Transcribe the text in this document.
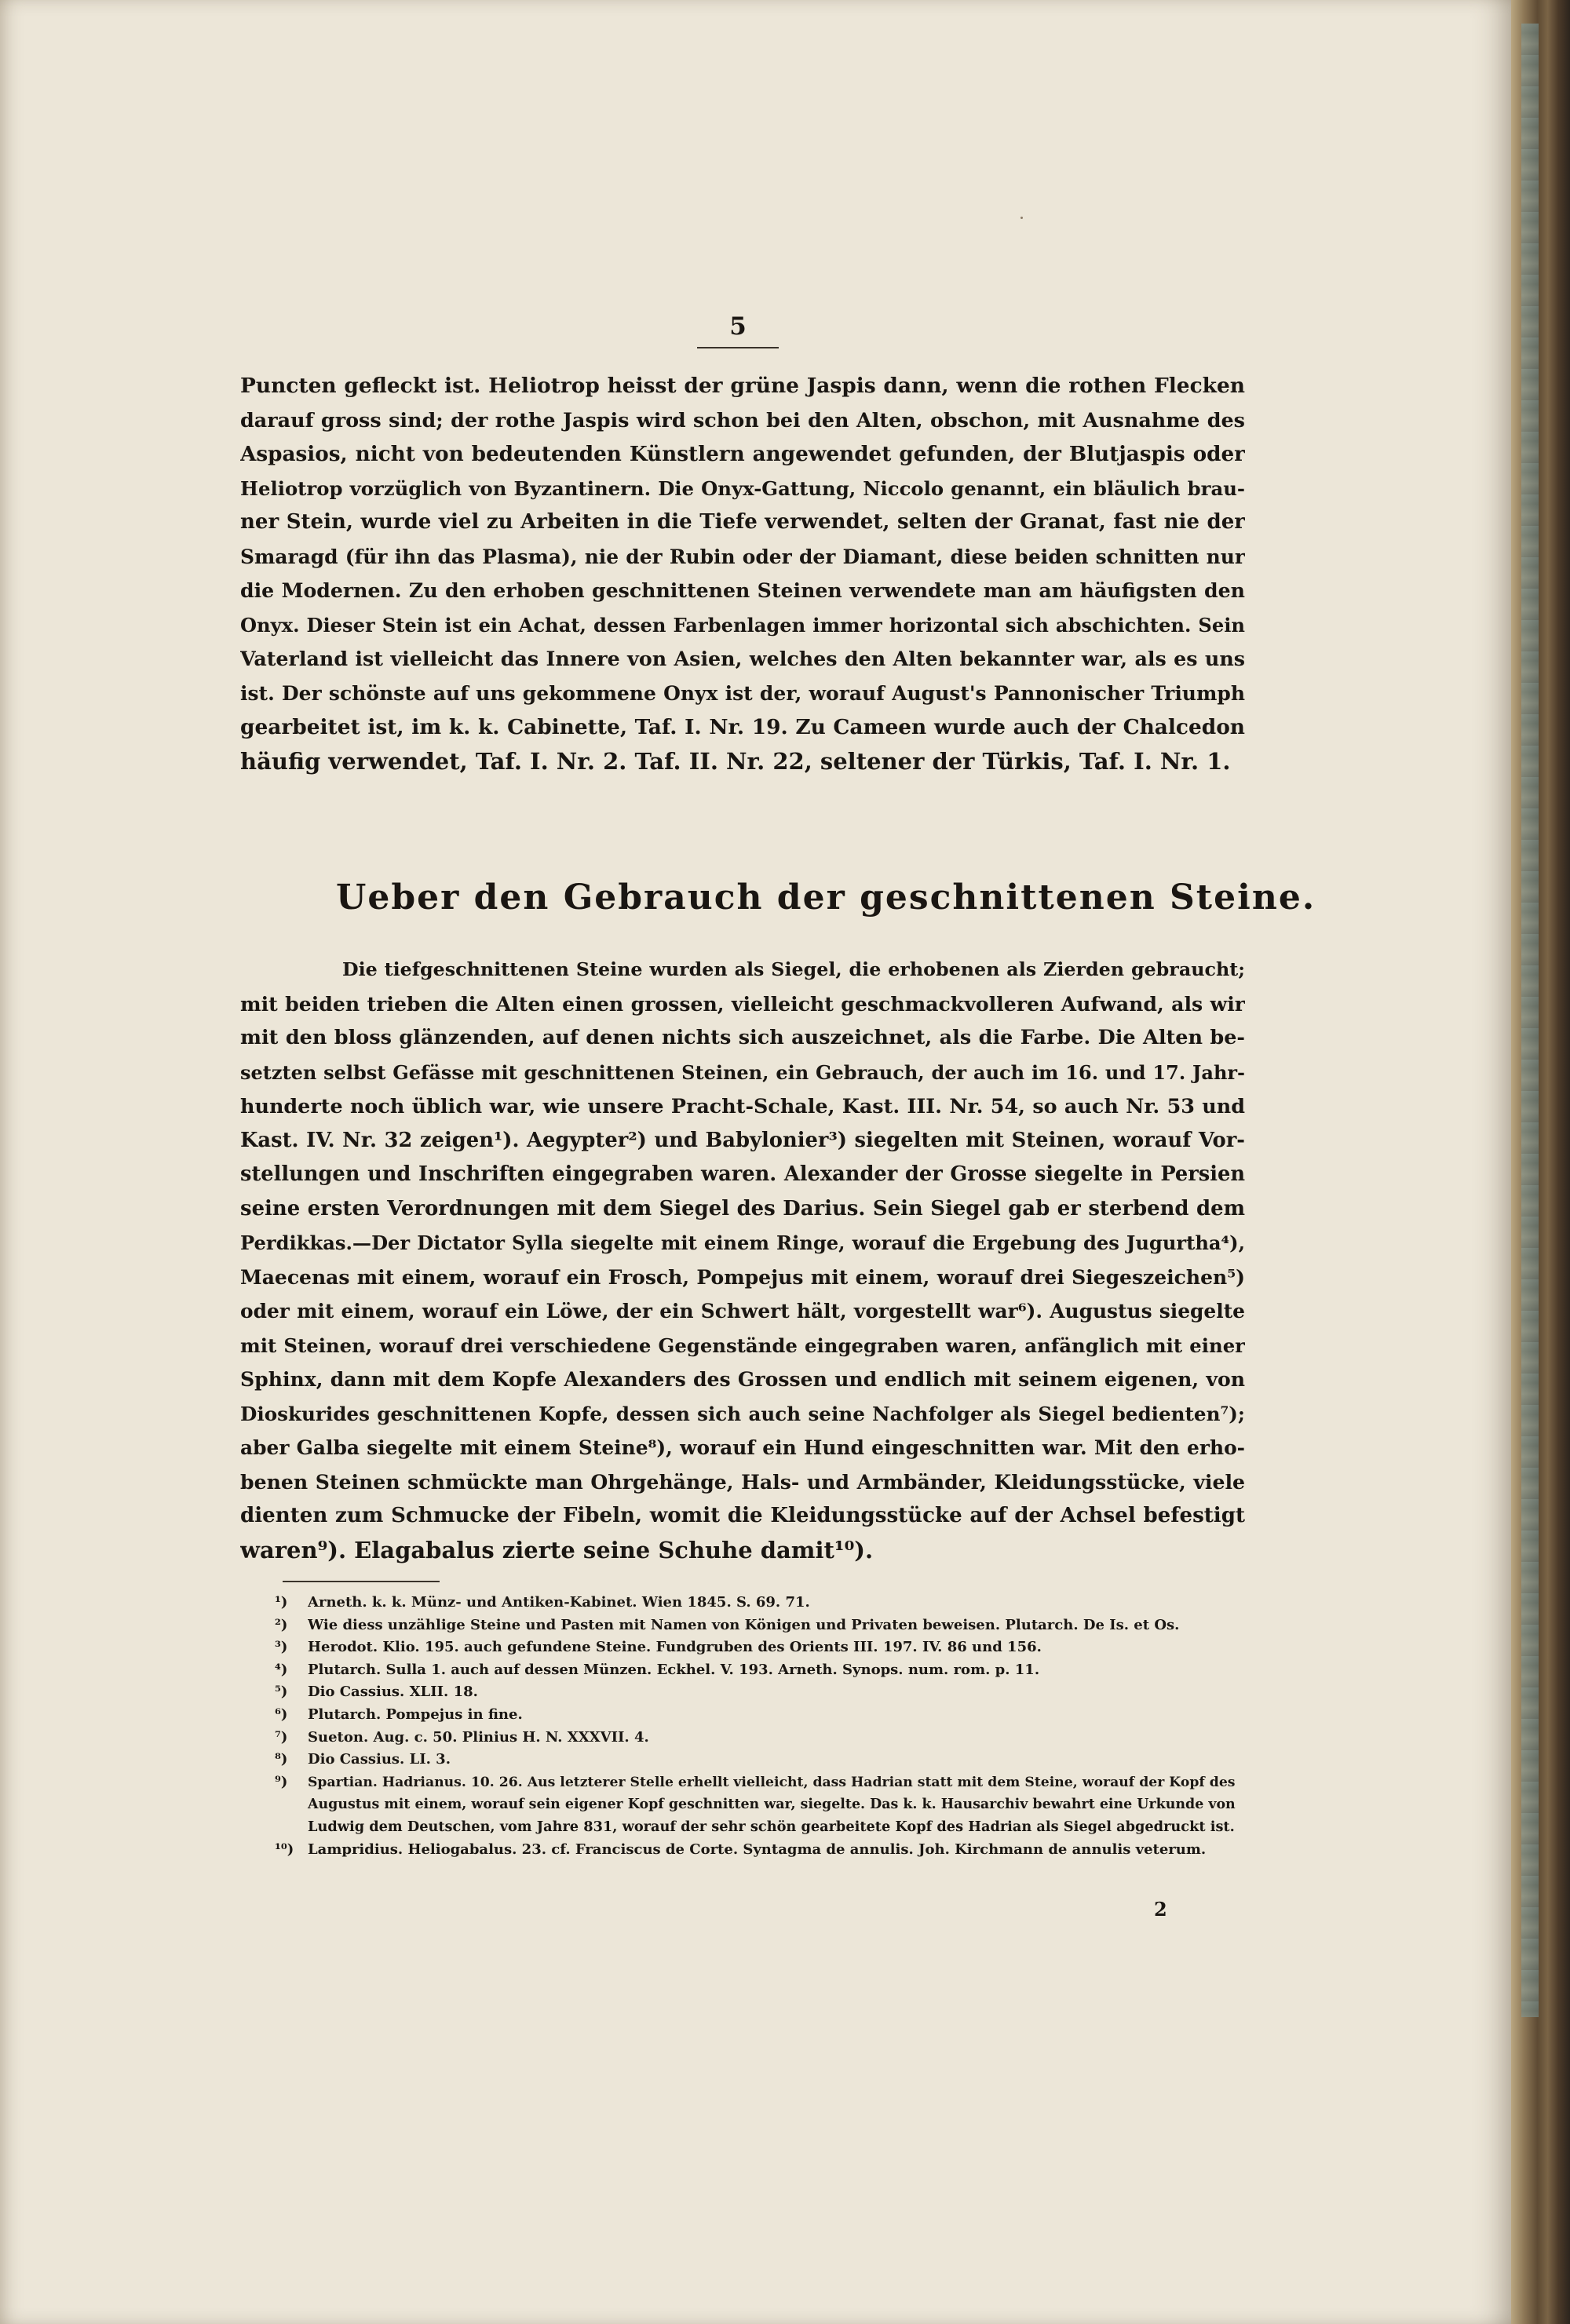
5
Puncten gefleckt ist. Heliotrop heisst der grüne Jaspis dann, wenn die rothen Flecken
darauf gross sind; der rothe Jaspis wird schon bei den Alten, obschon, mit Ausnahme des
Aspasios, nicht von bedeutenden Künstlern angewendet gefunden, der Blutjaspis oder
Heliotrop vorzüglich von Byzantinern. Die Onyx-Gattung, Niccolo genannt, ein bläulich brau-
ner Stein, wurde viel zu Arbeiten in die Tiefe verwendet, selten der Granat, fast nie der
Smaragd (für ihn das Plasma), nie der Rubin oder der Diamant, diese beiden schnitten nur
die Modernen. Zu den erhoben geschnittenen Steinen verwendete man am häufigsten den
Onyx. Dieser Stein ist ein Achat, dessen Farbenlagen immer horizontal sich abschichten. Sein
Vaterland ist vielleicht das Innere von Asien, welches den Alten bekannter war, als es uns
ist. Der schönste auf uns gekommene Onyx ist der, worauf August's Pannonischer Triumph
gearbeitet ist, im k. k. Cabinette, Taf. I. Nr. 19. Zu Cameen wurde auch der Chalcedon
häufig verwendet, Taf. I. Nr. 2. Taf. II. Nr. 22, seltener der Türkis, Taf. I. Nr. 1.
Ueber den Gebrauch der geschnittenen Steine.
Die tiefgeschnittenen Steine wurden als Siegel, die erhobenen als Zierden gebraucht;
mit beiden trieben die Alten einen grossen, vielleicht geschmackvolleren Aufwand, als wir
mit den bloss glänzenden, auf denen nichts sich auszeichnet, als die Farbe. Die Alten be-
setzten selbst Gefässe mit geschnittenen Steinen, ein Gebrauch, der auch im 16. und 17. Jahr-
hunderte noch üblich war, wie unsere Pracht-Schale, Kast. III. Nr. 54, so auch Nr. 53 und
Kast. IV. Nr. 32 zeigen¹). Aegypter²) und Babylonier³) siegelten mit Steinen, worauf Vor-
stellungen und Inschriften eingegraben waren. Alexander der Grosse siegelte in Persien
seine ersten Verordnungen mit dem Siegel des Darius. Sein Siegel gab er sterbend dem
Perdikkas.—Der Dictator Sylla siegelte mit einem Ringe, worauf die Ergebung des Jugurtha⁴),
Maecenas mit einem, worauf ein Frosch, Pompejus mit einem, worauf drei Siegeszeichen⁵)
oder mit einem, worauf ein Löwe, der ein Schwert hält, vorgestellt war⁶). Augustus siegelte
mit Steinen, worauf drei verschiedene Gegenstände eingegraben waren, anfänglich mit einer
Sphinx, dann mit dem Kopfe Alexanders des Grossen und endlich mit seinem eigenen, von
Dioskurides geschnittenen Kopfe, dessen sich auch seine Nachfolger als Siegel bedienten⁷);
aber Galba siegelte mit einem Steine⁸), worauf ein Hund eingeschnitten war. Mit den erho-
benen Steinen schmückte man Ohrgehänge, Hals- und Armbänder, Kleidungsstücke, viele
dienten zum Schmucke der Fibeln, womit die Kleidungsstücke auf der Achsel befestigt
waren⁹). Elagabalus zierte seine Schuhe damit¹⁰).
¹)	Arneth. k. k. Münz- und Antiken-Kabinet. Wien 1845. S. 69. 71.
²)	Wie diess unzählige Steine und Pasten mit Namen von Königen und Privaten beweisen. Plutarch. De Is. et Os.
³)	Herodot. Klio. 195. auch gefundene Steine. Fundgruben des Orients III. 197. IV. 86 und 156.
⁴)	Plutarch. Sulla 1. auch auf dessen Münzen. Eckhel. V. 193. Arneth. Synops. num. rom. p. 11.
⁵)	Dio Cassius. XLII. 18.
⁶)	Plutarch. Pompejus in fine.
⁷)	Sueton. Aug. c. 50. Plinius H. N. XXXVII. 4.
⁸)	Dio Cassius. LI. 3.
⁹)	Spartian. Hadrianus. 10. 26. Aus letzterer Stelle erhellt vielleicht, dass Hadrian statt mit dem Steine, worauf der Kopf des
Augustus mit einem, worauf sein eigener Kopf geschnitten war, siegelte. Das k. k. Hausarchiv bewahrt eine Urkunde von
Ludwig dem Deutschen, vom Jahre 831, worauf der sehr schön gearbeitete Kopf des Hadrian als Siegel abgedruckt ist.
¹⁰) Lampridius. Heliogabalus. 23. cf. Franciscus de Corte. Syntagma de annulis. Joh. Kirchmann de annulis veterum.
2
